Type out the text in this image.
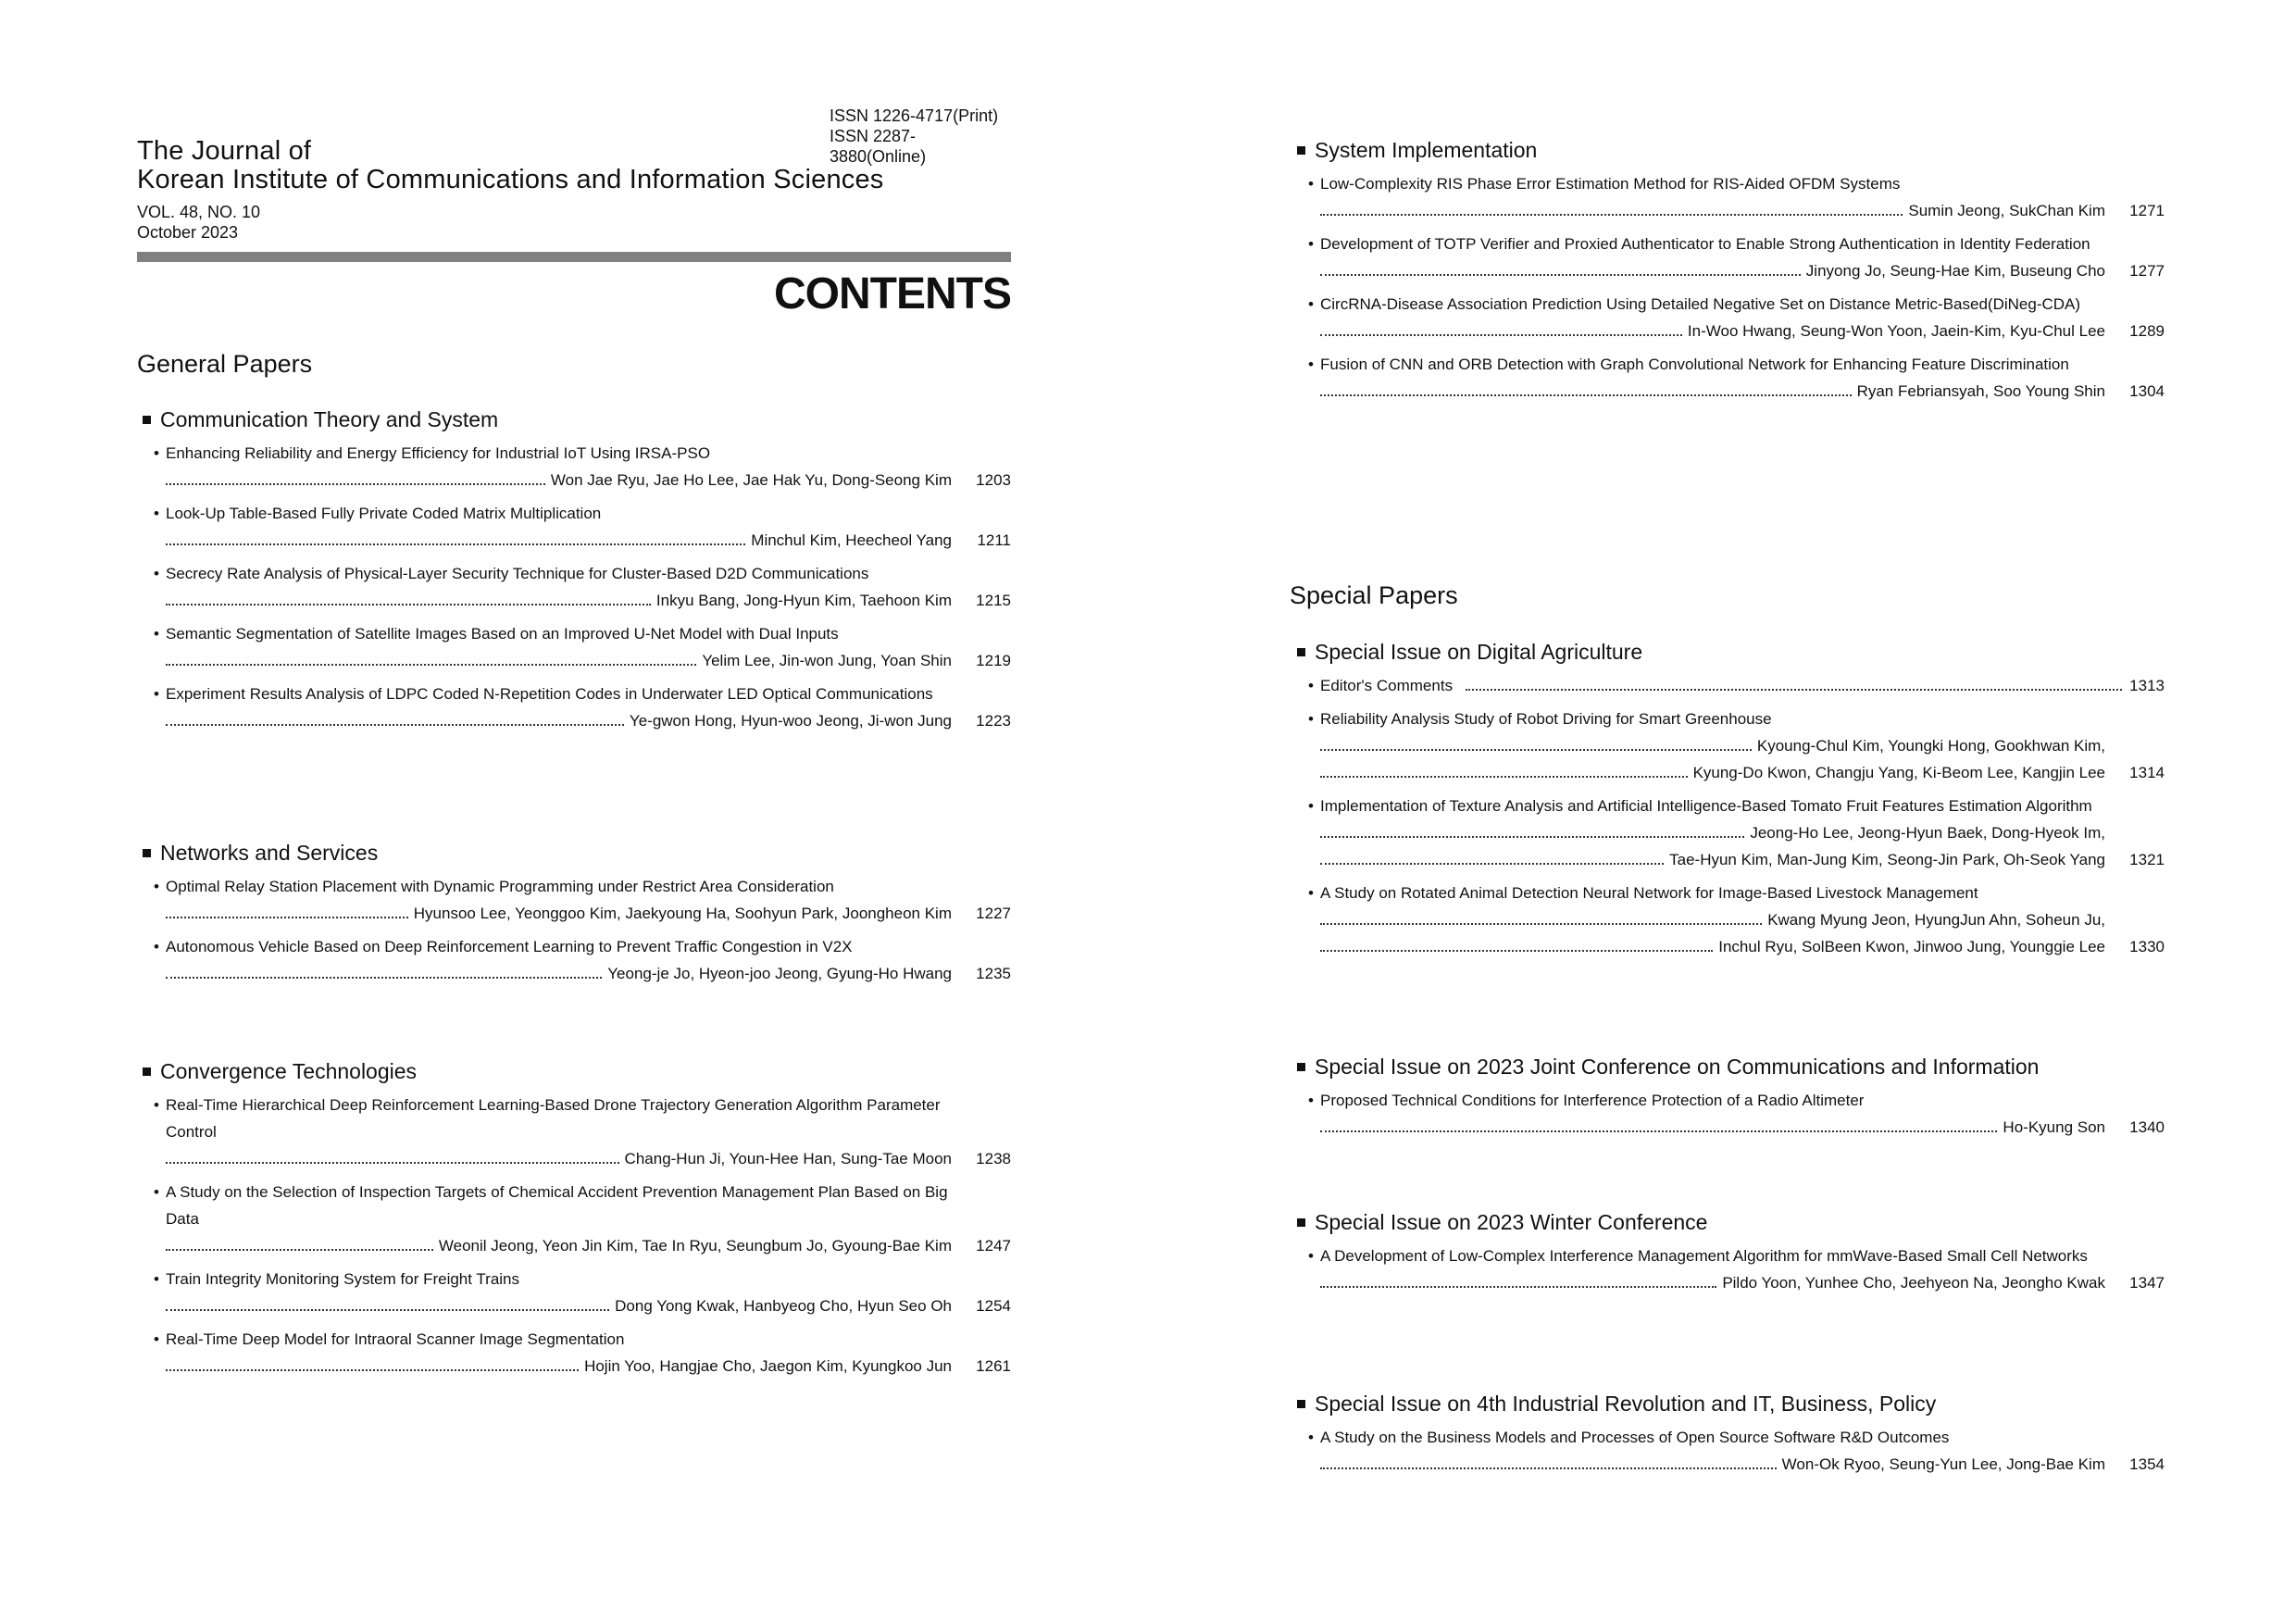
ISSN 1226-4717(Print)
ISSN 2287-3880(Online)
The Journal of
Korean Institute of Communications and Information Sciences
VOL. 48, NO. 10
October 2023
CONTENTS
General Papers
Communication Theory and System
• Enhancing Reliability and Energy Efficiency for Industrial IoT Using IRSA-PSO
Won Jae Ryu, Jae Ho Lee, Jae Hak Yu, Dong-Seong Kim	1203
• Look-Up Table-Based Fully Private Coded Matrix Multiplication
Minchul Kim, Heecheol Yang	1211
• Secrecy Rate Analysis of Physical-Layer Security Technique for Cluster-Based D2D Communications
Inkyu Bang, Jong-Hyun Kim, Taehoon Kim	1215
• Semantic Segmentation of Satellite Images Based on an Improved U-Net Model with Dual Inputs
Yelim Lee, Jin-won Jung, Yoan Shin	1219
• Experiment Results Analysis of LDPC Coded N-Repetition Codes in Underwater LED Optical Communications
Ye-gwon Hong, Hyun-woo Jeong, Ji-won Jung	1223
Networks and Services
• Optimal Relay Station Placement with Dynamic Programming under Restrict Area Consideration
Hyunsoo Lee, Yeonggoo Kim, Jaekyoung Ha, Soohyun Park, Joongheon Kim	1227
• Autonomous Vehicle Based on Deep Reinforcement Learning to Prevent Traffic Congestion in V2X
Yeong-je Jo, Hyeon-joo Jeong, Gyung-Ho Hwang	1235
Convergence Technologies
• Real-Time Hierarchical Deep Reinforcement Learning-Based Drone Trajectory Generation Algorithm Parameter Control
Chang-Hun Ji, Youn-Hee Han, Sung-Tae Moon	1238
• A Study on the Selection of Inspection Targets of Chemical Accident Prevention Management Plan Based on Big Data
Weonil Jeong, Yeon Jin Kim, Tae In Ryu, Seungbum Jo, Gyoung-Bae Kim	1247
• Train Integrity Monitoring System for Freight Trains
Dong Yong Kwak, Hanbyeog Cho, Hyun Seo Oh	1254
• Real-Time Deep Model for Intraoral Scanner Image Segmentation
Hojin Yoo, Hangjae Cho, Jaegon Kim, Kyungkoo Jun	1261
System Implementation
• Low-Complexity RIS Phase Error Estimation Method for RIS-Aided OFDM Systems
Sumin Jeong, SukChan Kim	1271
• Development of TOTP Verifier and Proxied Authenticator to Enable Strong Authentication in Identity Federation
Jinyong Jo, Seung-Hae Kim, Buseung Cho	1277
• CircRNA-Disease Association Prediction Using Detailed Negative Set on Distance Metric-Based(DiNeg-CDA)
In-Woo Hwang, Seung-Won Yoon, Jaein-Kim, Kyu-Chul Lee	1289
• Fusion of CNN and ORB Detection with Graph Convolutional Network for Enhancing Feature Discrimination
Ryan Febriansyah, Soo Young Shin	1304
Special Papers
Special Issue on Digital Agriculture
• Editor's Comments	1313
• Reliability Analysis Study of Robot Driving for Smart Greenhouse
Kyoung-Chul Kim, Youngki Hong, Gookhwan Kim,
Kyung-Do Kwon, Changju Yang, Ki-Beom Lee, Kangjin Lee	1314
• Implementation of Texture Analysis and Artificial Intelligence-Based Tomato Fruit Features Estimation Algorithm
Jeong-Ho Lee, Jeong-Hyun Baek, Dong-Hyeok Im,
Tae-Hyun Kim, Man-Jung Kim, Seong-Jin Park, Oh-Seok Yang	1321
• A Study on Rotated Animal Detection Neural Network for Image-Based Livestock Management
Kwang Myung Jeon, HyungJun Ahn, Soheun Ju,
Inchul Ryu, SolBeen Kwon, Jinwoo Jung, Younggie Lee	1330
Special Issue on 2023 Joint Conference on Communications and Information
• Proposed Technical Conditions for Interference Protection of a Radio Altimeter
Ho-Kyung Son	1340
Special Issue on 2023 Winter Conference
• A Development of Low-Complex Interference Management Algorithm for mmWave-Based Small Cell Networks
Pildo Yoon, Yunhee Cho, Jeehyeon Na, Jeongho Kwak	1347
Special Issue on 4th Industrial Revolution and IT, Business, Policy
• A Study on the Business Models and Processes of Open Source Software R&D Outcomes
Won-Ok Ryoo, Seung-Yun Lee, Jong-Bae Kim	1354
